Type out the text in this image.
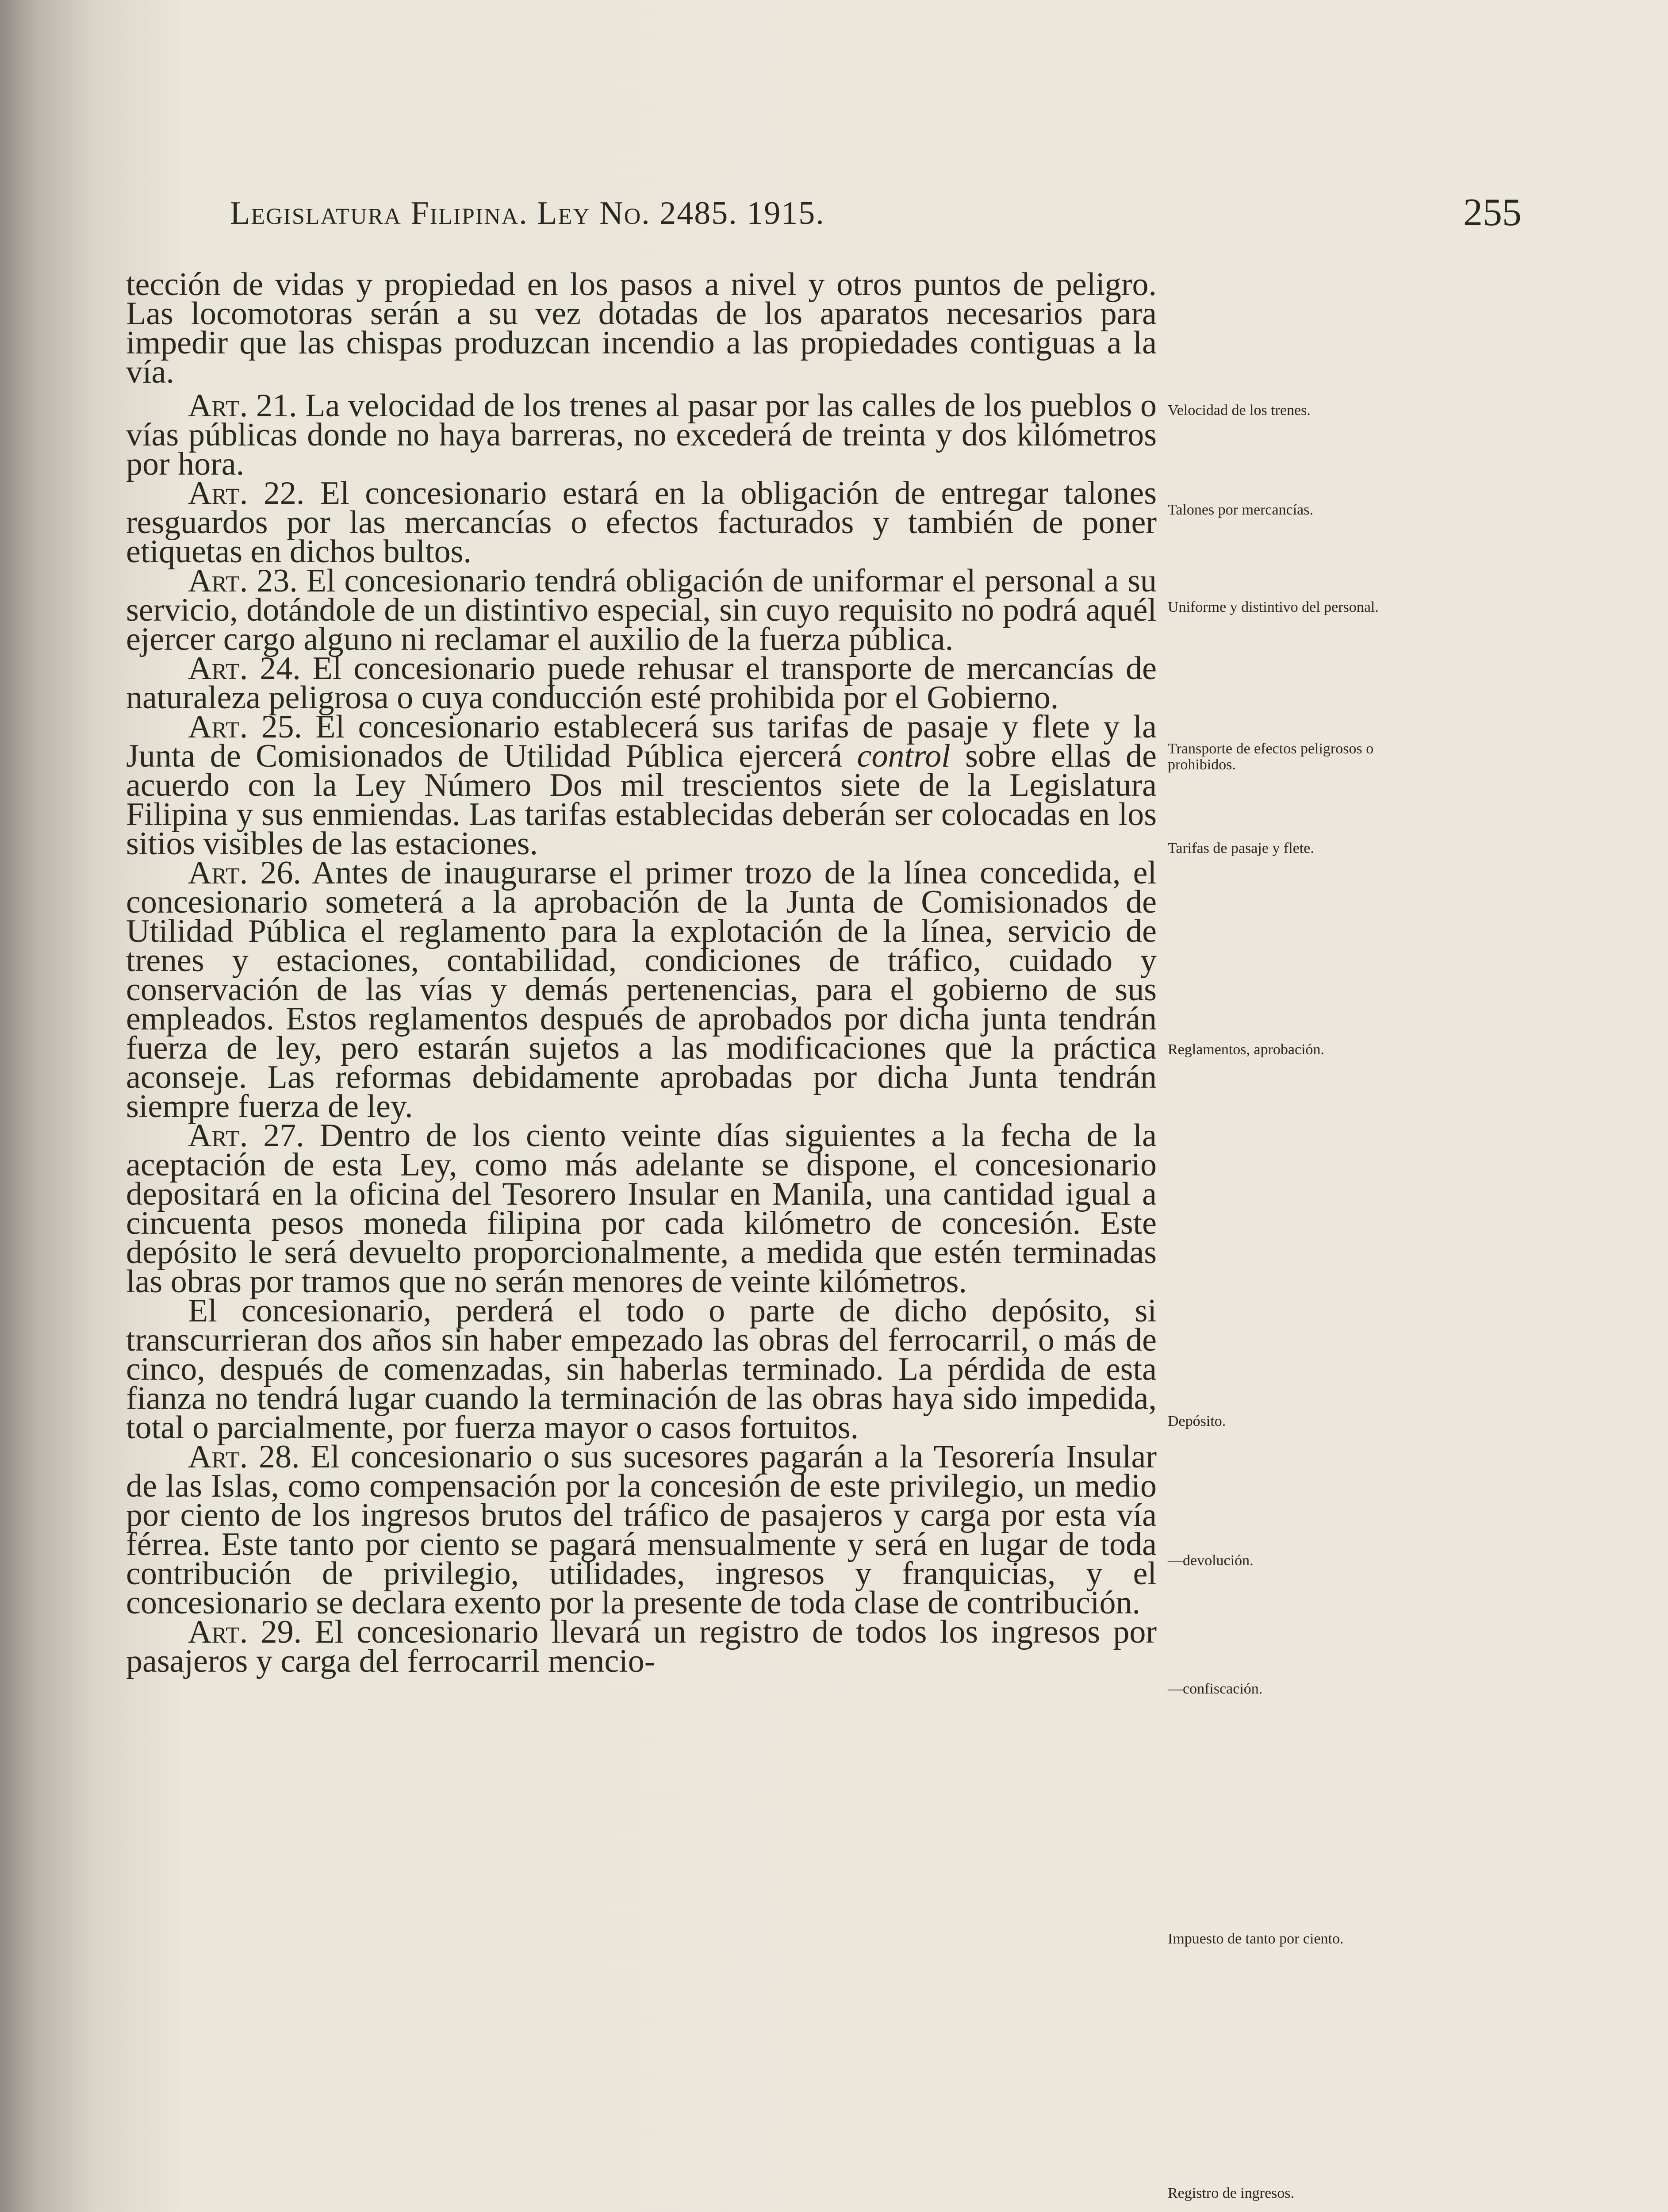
Legislatura Filipina. Ley No. 2485. 1915.	255

tección de vidas y propiedad en los pasos a nivel y otros puntos de peligro. Las locomotoras serán a su vez dotadas de los aparatos necesarios para impedir que las chispas produzcan incendio a las propiedades contiguas a la vía.

Art. 21. La velocidad de los trenes al pasar por las calles de los pueblos o vías públicas donde no haya barreras, no excederá de treinta y dos kilómetros por hora.

Art. 22. El concesionario estará en la obligación de entregar talones resguardos por las mercancías o efectos facturados y también de poner etiquetas en dichos bultos.

Art. 23. El concesionario tendrá obligación de uniformar el personal a su servicio, dotándole de un distintivo especial, sin cuyo requisito no podrá aquél ejercer cargo alguno ni reclamar el auxilio de la fuerza pública.

Art. 24. El concesionario puede rehusar el transporte de mercancías de naturaleza peligrosa o cuya conducción esté prohibida por el Gobierno.

Art. 25. El concesionario establecerá sus tarifas de pasaje y flete y la Junta de Comisionados de Utilidad Pública ejercerá control sobre ellas de acuerdo con la Ley Número Dos mil trescientos siete de la Legislatura Filipina y sus enmiendas. Las tarifas establecidas deberán ser colocadas en los sitios visibles de las estaciones.

Art. 26. Antes de inaugurarse el primer trozo de la línea concedida, el concesionario someterá a la aprobación de la Junta de Comisionados de Utilidad Pública el reglamento para la explotación de la línea, servicio de trenes y estaciones, contabilidad, condiciones de tráfico, cuidado y conservación de las vías y demás pertenencias, para el gobierno de sus empleados. Estos reglamentos después de aprobados por dicha junta tendrán fuerza de ley, pero estarán sujetos a las modificaciones que la práctica aconseje. Las reformas debidamente aprobadas por dicha Junta tendrán siempre fuerza de ley.

Art. 27. Dentro de los ciento veinte días siguientes a la fecha de la aceptación de esta Ley, como más adelante se dispone, el concesionario depositará en la oficina del Tesorero Insular en Manila, una cantidad igual a cincuenta pesos moneda filipina por cada kilómetro de concesión. Este depósito le será devuelto proporcionalmente, a medida que estén terminadas las obras por tramos que no serán menores de veinte kilómetros.

El concesionario, perderá el todo o parte de dicho depósito, si transcurrieran dos años sin haber empezado las obras del ferrocarril, o más de cinco, después de comenzadas, sin haberlas terminado. La pérdida de esta fianza no tendrá lugar cuando la terminación de las obras haya sido impedida, total o parcialmente, por fuerza mayor o casos fortuitos.

Art. 28. El concesionario o sus sucesores pagarán a la Tesorería Insular de las Islas, como compensación por la concesión de este privilegio, un medio por ciento de los ingresos brutos del tráfico de pasajeros y carga por esta vía férrea. Este tanto por ciento se pagará mensualmente y será en lugar de toda contribución de privilegio, utilidades, ingresos y franquicias, y el concesionario se declara exento por la presente de toda clase de contribución.

Art. 29. El concesionario llevará un registro de todos los ingresos por pasajeros y carga del ferrocarril mencio-

Velocidad de los trenes.
Talones por mercancías.
Uniforme y distintivo del personal.
Transporte de efectos peligrosos o prohibidos.
Tarifas de pasaje y flete.
Reglamentos, aprobación.
Depósito.
—devolución.
—confiscación.
Impuesto de tanto por ciento.
Registro de ingresos.
